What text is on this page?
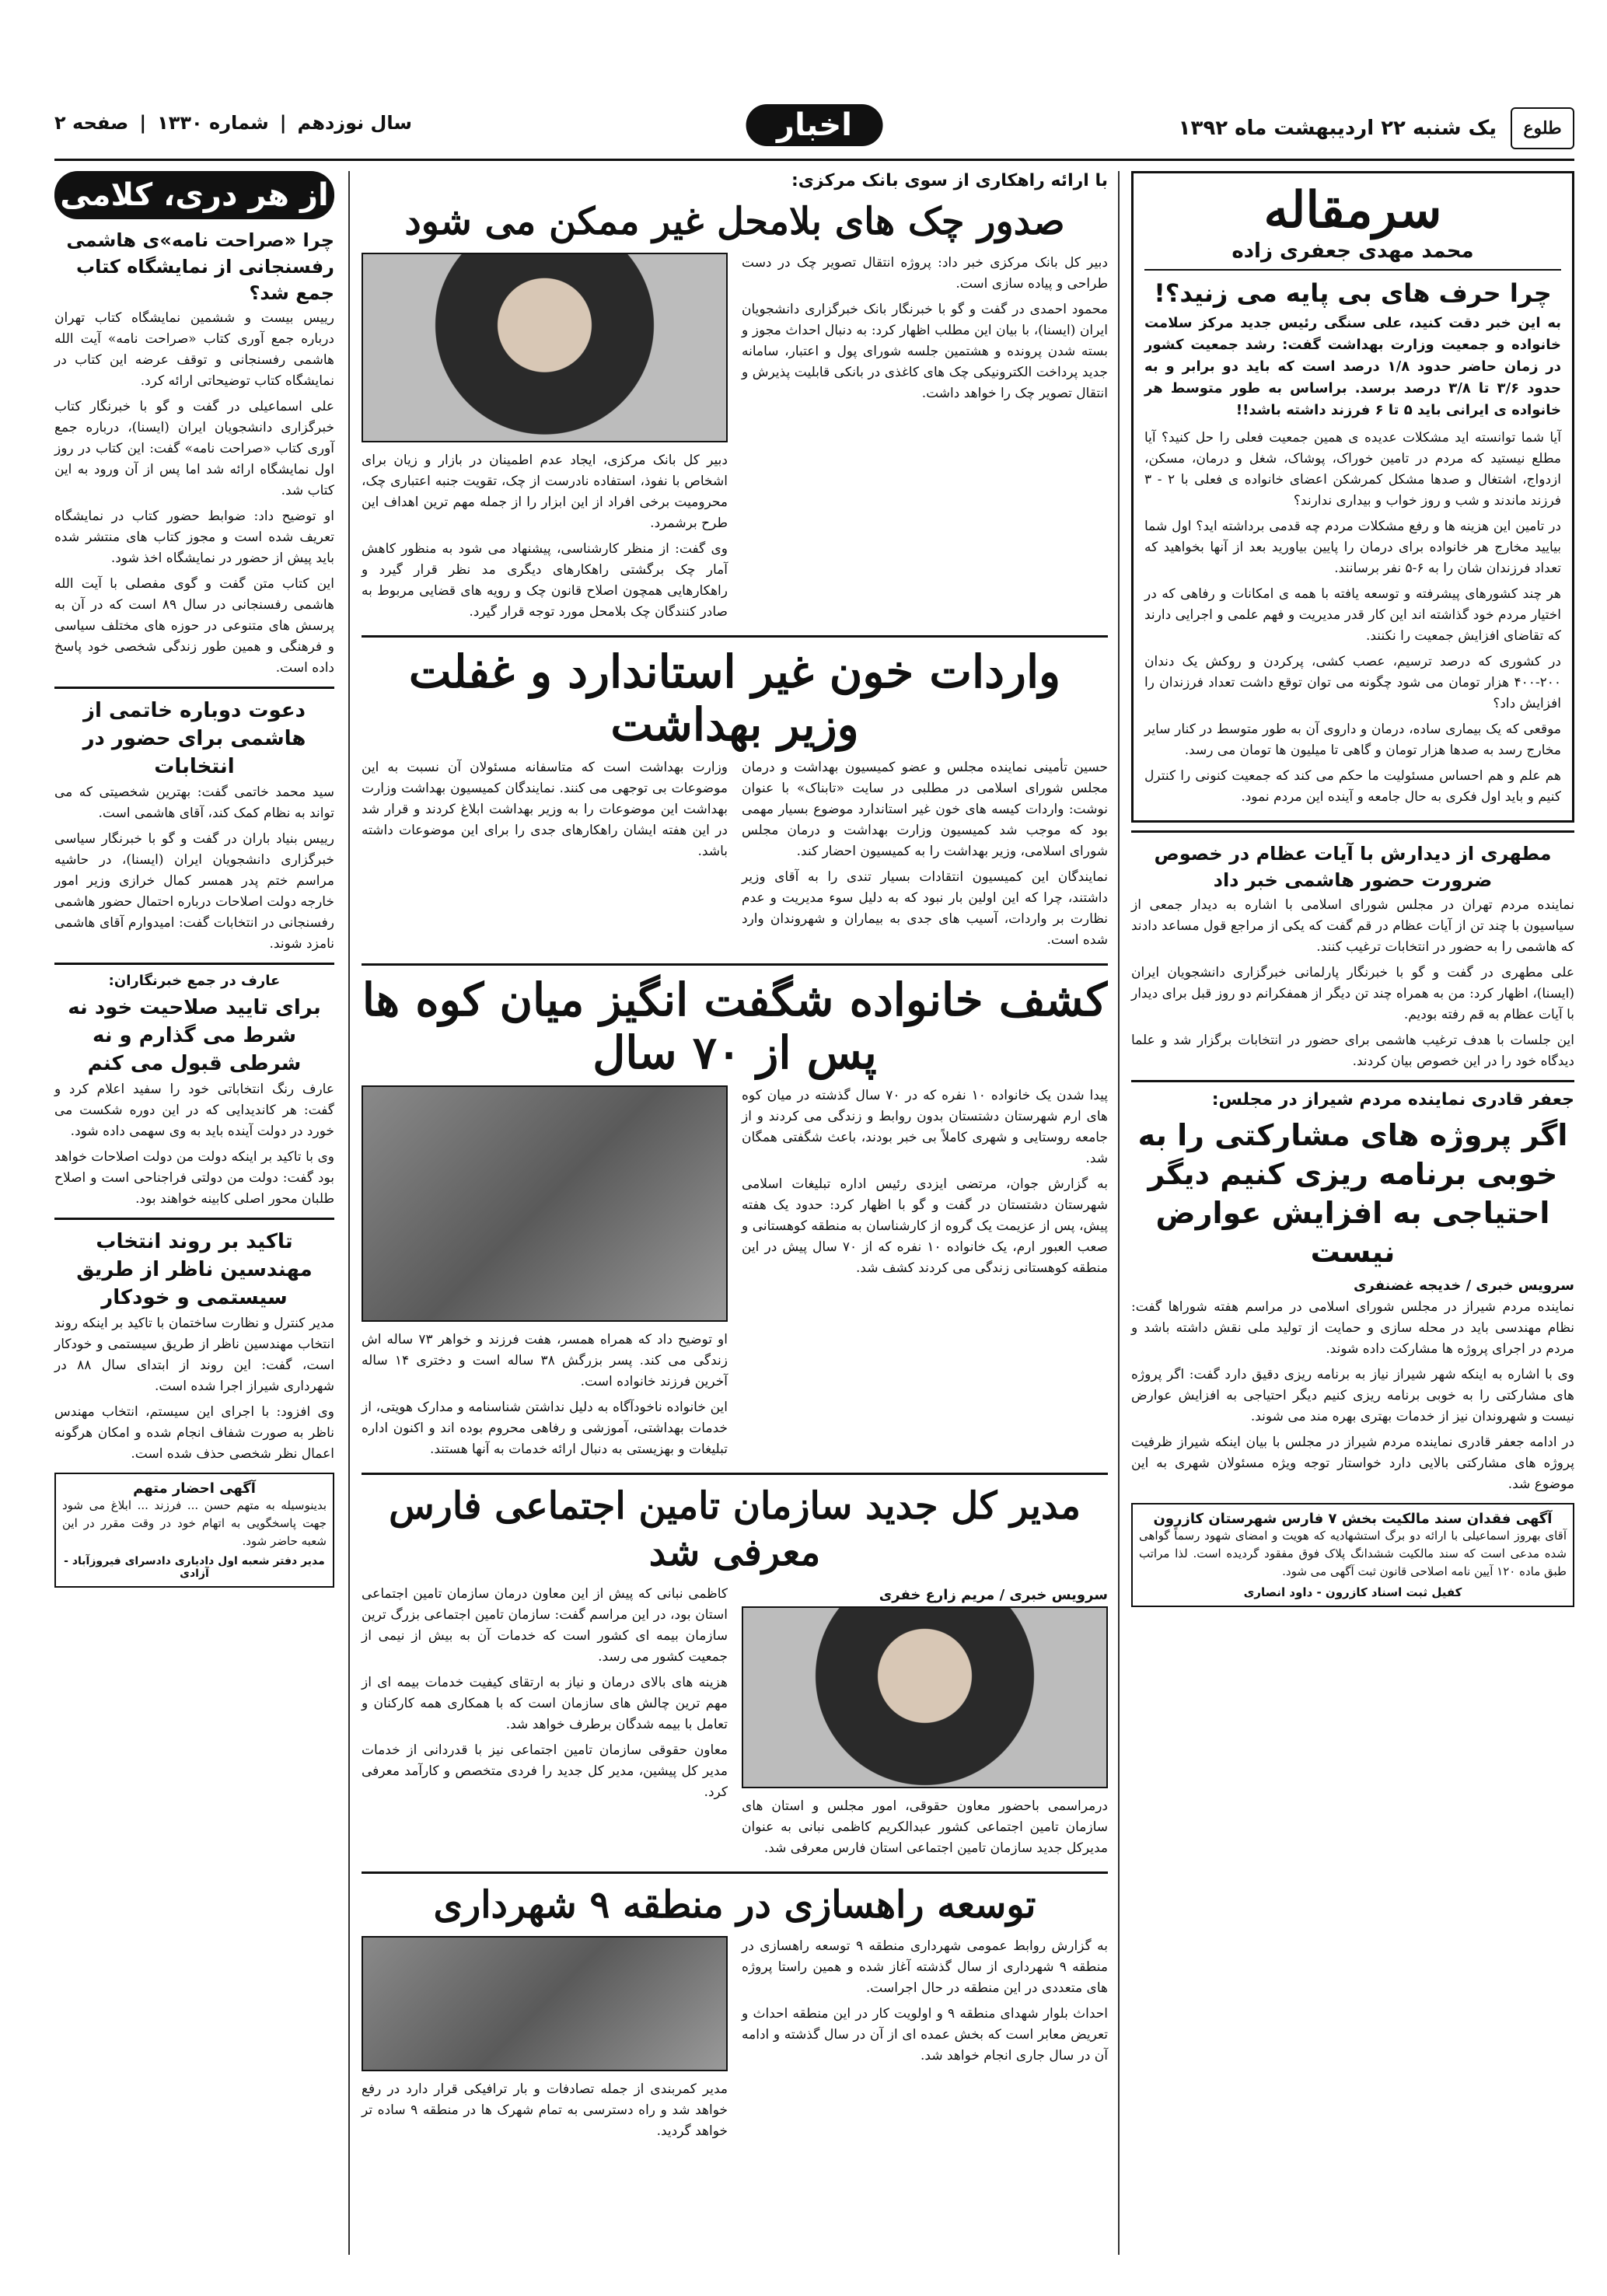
طلوع
یک شنبه ۲۲ اردیبهشت ماه ۱۳۹۲
اخبار
سال نوزدهم
|
شماره ۱۳۳۰
|
صفحه ۲

سرمقاله

محمد مهدی جعفری زاده
چرا حرف های بی پایه می زنید؟!

به این خبر دقت کنید، علی سنگی رئیس جدید مرکز سلامت خانواده و جمعیت وزارت بهداشت گفت: رشد جمعیت کشور در زمان حاضر حدود ۱/۸ درصد است که باید دو برابر و به حدود ۳/۶ تا ۳/۸ درصد برسد. براساس به طور متوسط هر خانواده ی ایرانی باید ۵ تا ۶ فرزند داشته باشد!!

آیا شما توانسته اید مشکلات عدیده ی همین جمعیت فعلی را حل کنید؟ آیا مطلع نیستید که مردم در تامین خوراک، پوشاک، شغل و درمان، مسکن، ازدواج، اشتغال و صدها مشکل کمرشکن اعضای خانواده ی فعلی با ۲ - ۳ فرزند ماندند و شب و روز خواب و بیداری ندارند؟

در تامین این هزینه ها و رفع مشکلات مردم چه قدمی برداشته اید؟ اول شما بیایید مخارج هر خانواده برای درمان را پایین بیاورید بعد از آنها بخواهید که تعداد فرزندان شان را به ۶-۵ نفر برسانند.

هر چند کشورهای پیشرفته و توسعه یافته با همه ی امکانات و رفاهی که در اختیار مردم خود گذاشته اند این کار قدر مدیریت و فهم علمی و اجرایی دارند که تقاضای افزایش جمعیت را نکنند.

در کشوری که درصد ترسیم، عصب کشی، پرکردن و روکش یک دندان ۲۰۰-۴۰۰ هزار تومان می شود چگونه می توان توقع داشت تعداد فرزندان را افزایش داد؟

موقعی که یک بیماری ساده، درمان و داروی آن به طور متوسط در کنار سایر مخارج رسد به صدها هزار تومان و گاهی تا میلیون ها تومان می رسد.

هم علم و هم احساس مسئولیت ما حکم می کند که جمعیت کنونی را کنترل کنیم و باید اول فکری به حال جامعه و آینده این مردم نمود.

مطهری از دیدارش با آیات عظام در خصوص ضرورت حضور هاشمی خبر داد

نماینده مردم تهران در مجلس شورای اسلامی با اشاره به دیدار جمعی از سیاسیون با چند تن از آیات عظام در قم گفت که یکی از مراجع قول مساعد دادند که هاشمی را به حضور در انتخابات ترغیب کنند.

علی مطهری در گفت و گو با خبرنگار پارلمانی خبرگزاری دانشجویان ایران (ایسنا)، اظهار کرد: من به همراه چند تن دیگر از همفکرانم دو روز قبل برای دیدار با آیات عظام به قم رفته بودیم.

این جلسات با هدف ترغیب هاشمی برای حضور در انتخابات برگزار شد و علما دیدگاه خود را در این خصوص بیان کردند.

جعفر قادری نماینده مردم شیراز در مجلس:

اگر پروژه های مشارکتی را به خوبی برنامه ریزی کنیم دیگر احتیاجی به افزایش عوارض نیست
سرویس خبری / خدیجه غضنفری

نماینده مردم شیراز در مجلس شورای اسلامی در مراسم هفته شوراها گفت: نظام مهندسی باید در محله سازی و حمایت از تولید ملی نقش داشته باشد و مردم در اجرای پروژه ها مشارکت داده شوند.

وی با اشاره به اینکه شهر شیراز نیاز به برنامه ریزی دقیق دارد گفت: اگر پروژه های مشارکتی را به خوبی برنامه ریزی کنیم دیگر احتیاجی به افزایش عوارض نیست و شهروندان نیز از خدمات بهتری بهره مند می شوند.

در ادامه جعفر قادری نماینده مردم شیراز در مجلس با بیان اینکه شیراز ظرفیت پروژه های مشارکتی بالایی دارد خواستار توجه ویژه مسئولان شهری به این موضوع شد.

آگهی فقدان سند مالکیت بخش ۷ فارس شهرستان کازرون

آقای بهروز اسماعیلی با ارائه دو برگ استشهادیه که هویت و امضای شهود رسماً گواهی شده مدعی است که سند مالکیت ششدانگ پلاک فوق مفقود گردیده است. لذا مراتب طبق ماده ۱۲۰ آیین نامه اصلاحی قانون ثبت آگهی می شود.

کفیل ثبت اسناد کازرون - داود انصاری

با ارائه راهکاری از سوی بانک مرکزی:

صدور چک های بلامحل غیر ممکن می شود

دبیر کل بانک مرکزی خبر داد: پروژه انتقال تصویر چک در دست طراحی و پیاده سازی است.

محمود احمدی در گفت و گو با خبرنگار بانک خبرگزاری دانشجویان ایران (ایسنا)، با بیان این مطلب اظهار کرد: به دنبال احداث مجوز و بسته شدن پرونده و هشتمین جلسه شورای پول و اعتبار، سامانه جدید پرداخت الکترونیکی چک های کاغذی در بانکی قابلیت پذیرش و انتقال تصویر چک را خواهد داشت.

دبیر کل بانک مرکزی، ایجاد عدم اطمینان در بازار و زیان برای اشخاص با نفوذ، استفاده نادرست از چک، تقویت جنبه اعتباری چک، محرومیت برخی افراد از این ابزار را از جمله مهم ترین اهداف این طرح برشمرد.

وی گفت: از منظر کارشناسی، پیشنهاد می شود به منظور کاهش آمار چک برگشتی راهکارهای دیگری مد نظر قرار گیرد و راهکارهایی همچون اصلاح قانون چک و رویه های قضایی مربوط به صادر کنندگان چک بلامحل مورد توجه قرار گیرد.

واردات خون غیر استاندارد و غفلت وزیر بهداشت

حسین تأمینی نماینده مجلس و عضو کمیسیون بهداشت و درمان مجلس شورای اسلامی در مطلبی در سایت «تابناک» با عنوان نوشت: واردات کیسه های خون غیر استاندارد موضوع بسیار مهمی بود که موجب شد کمیسیون وزارت بهداشت و درمان مجلس شورای اسلامی، وزیر بهداشت را به کمیسیون احضار کند.

نمایندگان این کمیسیون انتقادات بسیار تندی را به آقای وزیر داشتند، چرا که این اولین بار نبود که به دلیل سوء مدیریت و عدم نظارت بر واردات، آسیب های جدی به بیماران و شهروندان وارد شده است.

وزارت بهداشت است که متاسفانه مسئولان آن نسبت به این موضوعات بی توجهی می کنند. نمایندگان کمیسیون بهداشت وزارت بهداشت این موضوعات را به وزیر بهداشت ابلاغ کردند و قرار شد در این هفته ایشان راهکارهای جدی را برای این موضوعات داشته باشد.

کشف خانواده شگفت انگیز میان کوه ها پس از ۷۰ سال

پیدا شدن یک خانواده ۱۰ نفره که در ۷۰ سال گذشته در میان کوه های ارم شهرستان دشتستان بدون روابط و زندگی می کردند و از جامعه روستایی و شهری کاملاً بی خبر بودند، باعث شگفتی همگان شد.

به گزارش جوان، مرتضی ایزدی رئیس اداره تبلیغات اسلامی شهرستان دشتستان در گفت و گو با اظهار کرد: حدود یک هفته پیش، پس از عزیمت یک گروه از کارشناسان به منطقه کوهستانی و صعب العبور ارم، یک خانواده ۱۰ نفره که از ۷۰ سال پیش در این منطقه کوهستانی زندگی می کردند کشف شد.

او توضیح داد که همراه همسر، هفت فرزند و خواهر ۷۳ ساله اش زندگی می کند. پسر بزرگش ۳۸ ساله است و دختری ۱۴ ساله آخرین فرزند خانواده است.

این خانواده ناخودآگاه به دلیل نداشتن شناسنامه و مدارک هویتی، از خدمات بهداشتی، آموزشی و رفاهی محروم بوده اند و اکنون اداره تبلیغات و بهزیستی به دنبال ارائه خدمات به آنها هستند.

مدیر کل جدید سازمان تامین اجتماعی فارس معرفی شد
سرویس خبری / مریم زارع خفری

درمراسمی باحضور معاون حقوقی، امور مجلس و استان های سازمان تامین اجتماعی کشور عبدالکریم کاظمی نبانی به عنوان مدیرکل جدید سازمان تامین اجتماعی استان فارس معرفی شد.

کاظمی نبانی که پیش از این معاون درمان سازمان تامین اجتماعی استان بود، در این مراسم گفت: سازمان تامین اجتماعی بزرگ ترین سازمان بیمه ای کشور است که خدمات آن به بیش از نیمی از جمعیت کشور می رسد.

هزینه های بالای درمان و نیاز به ارتقای کیفیت خدمات بیمه ای از مهم ترین چالش های سازمان است که با همکاری همه کارکنان و تعامل با بیمه شدگان برطرف خواهد شد.

معاون حقوقی سازمان تامین اجتماعی نیز با قدردانی از خدمات مدیر کل پیشین، مدیر کل جدید را فردی متخصص و کارآمد معرفی کرد.

توسعه راهسازی در منطقه ۹ شهرداری

به گزارش روابط عمومی شهرداری منطقه ۹ توسعه راهسازی در منطقه ۹ شهرداری از سال گذشته آغاز شده و همین راستا پروژه های متعددی در این منطقه در حال اجراست.

احداث بلوار شهدای منطقه ۹ و اولویت کار در این منطقه احداث و تعریض معابر است که بخش عمده ای از آن در سال گذشته و ادامه آن در سال جاری انجام خواهد شد.

مدیر کمربندی از جمله تصادفات و بار ترافیکی قرار دارد در رفع خواهد شد و راه دسترسی به تمام شهرک ها در منطقه ۹ ساده تر خواهد گردید.

از هر دری، کلامی
چرا «صراحت نامه»ی هاشمی رفسنجانی از نمایشگاه کتاب جمع شد؟

رییس بیست و ششمین نمایشگاه کتاب تهران درباره جمع آوری کتاب «صراحت نامه» آیت الله هاشمی رفسنجانی و توقف عرضه این کتاب در نمایشگاه کتاب توضیحاتی ارائه کرد.

علی اسماعیلی در گفت و گو با خبرنگار کتاب خبرگزاری دانشجویان ایران (ایسنا)، درباره جمع آوری کتاب «صراحت نامه» گفت: این کتاب در روز اول نمایشگاه ارائه شد اما پس از آن ورود به این کتاب شد.

او توضیح داد: ضوابط حضور کتاب در نمایشگاه تعریف شده است و مجوز کتاب های منتشر شده باید پیش از حضور در نمایشگاه اخذ شود.

این کتاب متن گفت و گوی مفصلی با آیت الله هاشمی رفسنجانی در سال ۸۹ است که در آن به پرسش های متنوعی در حوزه های مختلف سیاسی و فرهنگی و همین طور زندگی شخصی خود پاسخ داده است.

دعوت دوباره خاتمی از هاشمی برای حضور در انتخابات

سید محمد خاتمی گفت: بهترین شخصیتی که می تواند به نظام کمک کند، آقای هاشمی است.

رییس بنیاد باران در گفت و گو با خبرنگار سیاسی خبرگزاری دانشجویان ایران (ایسنا)، در حاشیه مراسم ختم پدر همسر کمال خرازی وزیر امور خارجه دولت اصلاحات درباره احتمال حضور هاشمی رفسنجانی در انتخابات گفت: امیدوارم آقای هاشمی نامزد شوند.

عارف در جمع خبرنگاران:

برای تایید صلاحیت خود نه شرط می گذارم و نه شرطی قبول می کنم

عارف رنگ انتخاباتی خود را سفید اعلام کرد و گفت: هر کاندیدایی که در این دوره شکست می خورد در دولت آینده باید به وی سهمی داده شود.

وی با تاکید بر اینکه دولت من دولت اصلاحات خواهد بود گفت: دولت من دولتی فراجناحی است و اصلاح طلبان محور اصلی کابینه خواهند بود.

تاکید بر روند انتخاب مهندسین ناظر از طریق سیستمی و خودکار

مدیر کنترل و نظارت ساختمان با تاکید بر اینکه روند انتخاب مهندسین ناظر از طریق سیستمی و خودکار است، گفت: این روند از ابتدای سال ۸۸ در شهرداری شیراز اجرا شده است.

وی افزود: با اجرای این سیستم، انتخاب مهندس ناظر به صورت شفاف انجام شده و امکان هرگونه اعمال نظر شخصی حذف شده است.

آگهی احضار متهم

بدینوسیله به متهم حسن ... فرزند ... ابلاغ می شود جهت پاسخگویی به اتهام خود در وقت مقرر در این شعبه حاضر شود.

مدیر دفتر شعبه اول دادیاری دادسرای فیروزآباد - آزادی
